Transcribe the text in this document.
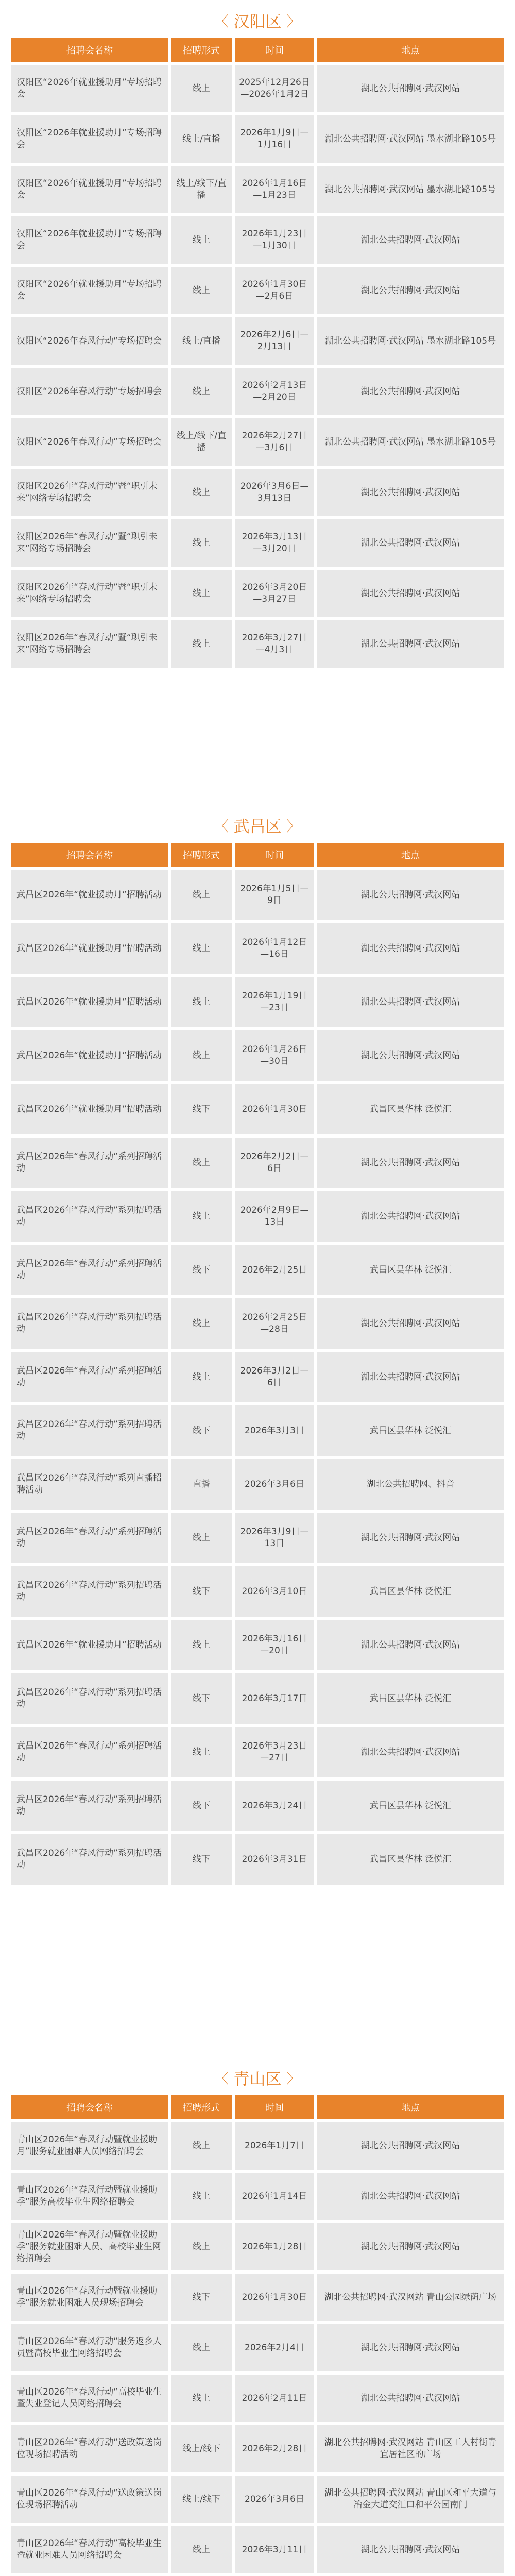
〈 汉阳区 〉
招聘会名称	招聘形式	时间	地点
汉阳区“2026年就业援助月”专场招聘会	线上	2025年12月26日—2026年1月2日	湖北公共招聘网·武汉网站
汉阳区“2026年就业援助月”专场招聘会	线上/直播	2026年1月9日—1月16日	湖北公共招聘网·武汉网站 墨水湖北路105号
汉阳区“2026年就业援助月”专场招聘会	线上/线下/直播	2026年1月16日—1月23日	湖北公共招聘网·武汉网站 墨水湖北路105号
汉阳区“2026年就业援助月”专场招聘会	线上	2026年1月23日—1月30日	湖北公共招聘网·武汉网站
汉阳区“2026年就业援助月”专场招聘会	线上	2026年1月30日—2月6日	湖北公共招聘网·武汉网站
汉阳区“2026年春风行动”专场招聘会	线上/直播	2026年2月6日—2月13日	湖北公共招聘网·武汉网站 墨水湖北路105号
汉阳区“2026年春风行动”专场招聘会	线上	2026年2月13日—2月20日	湖北公共招聘网·武汉网站
汉阳区“2026年春风行动”专场招聘会	线上/线下/直播	2026年2月27日—3月6日	湖北公共招聘网·武汉网站 墨水湖北路105号
汉阳区2026年“春风行动”暨“职引未来”网络专场招聘会	线上	2026年3月6日—3月13日	湖北公共招聘网·武汉网站
汉阳区2026年“春风行动”暨“职引未来”网络专场招聘会	线上	2026年3月13日—3月20日	湖北公共招聘网·武汉网站
汉阳区2026年“春风行动”暨“职引未来”网络专场招聘会	线上	2026年3月20日—3月27日	湖北公共招聘网·武汉网站
汉阳区2026年“春风行动”暨“职引未来”网络专场招聘会	线上	2026年3月27日—4月3日	湖北公共招聘网·武汉网站
〈 武昌区 〉
招聘会名称	招聘形式	时间	地点
武昌区2026年“就业援助月”招聘活动	线上	2026年1月5日—9日	湖北公共招聘网·武汉网站
武昌区2026年“就业援助月”招聘活动	线上	2026年1月12日—16日	湖北公共招聘网·武汉网站
武昌区2026年“就业援助月”招聘活动	线上	2026年1月19日—23日	湖北公共招聘网·武汉网站
武昌区2026年“就业援助月”招聘活动	线上	2026年1月26日—30日	湖北公共招聘网·武汉网站
武昌区2026年“就业援助月”招聘活动	线下	2026年1月30日	武昌区昙华林 泛悦汇
武昌区2026年“春风行动”系列招聘活动	线上	2026年2月2日—6日	湖北公共招聘网·武汉网站
武昌区2026年“春风行动”系列招聘活动	线上	2026年2月9日—13日	湖北公共招聘网·武汉网站
武昌区2026年“春风行动”系列招聘活动	线下	2026年2月25日	武昌区昙华林 泛悦汇
武昌区2026年“春风行动”系列招聘活动	线上	2026年2月25日—28日	湖北公共招聘网·武汉网站
武昌区2026年“春风行动”系列招聘活动	线上	2026年3月2日—6日	湖北公共招聘网·武汉网站
武昌区2026年“春风行动”系列招聘活动	线下	2026年3月3日	武昌区昙华林 泛悦汇
武昌区2026年“春风行动”系列直播招聘活动	直播	2026年3月6日	湖北公共招聘网、抖音
武昌区2026年“春风行动”系列招聘活动	线上	2026年3月9日—13日	湖北公共招聘网·武汉网站
武昌区2026年“春风行动”系列招聘活动	线下	2026年3月10日	武昌区昙华林 泛悦汇
武昌区2026年“就业援助月”招聘活动	线上	2026年3月16日—20日	湖北公共招聘网·武汉网站
武昌区2026年“春风行动”系列招聘活动	线下	2026年3月17日	武昌区昙华林 泛悦汇
武昌区2026年“春风行动”系列招聘活动	线上	2026年3月23日—27日	湖北公共招聘网·武汉网站
武昌区2026年“春风行动”系列招聘活动	线下	2026年3月24日	武昌区昙华林 泛悦汇
武昌区2026年“春风行动”系列招聘活动	线下	2026年3月31日	武昌区昙华林 泛悦汇
〈 青山区 〉
招聘会名称	招聘形式	时间	地点
青山区2026年“春风行动暨就业援助月”服务就业困难人员网络招聘会	线上	2026年1月7日	湖北公共招聘网·武汉网站
青山区2026年“春风行动暨就业援助季”服务高校毕业生网络招聘会	线上	2026年1月14日	湖北公共招聘网·武汉网站
青山区2026年“春风行动暨就业援助季”服务就业困难人员、高校毕业生网络招聘会	线上	2026年1月28日	湖北公共招聘网·武汉网站
青山区2026年“春风行动暨就业援助季”服务就业困难人员现场招聘会	线下	2026年1月30日	湖北公共招聘网·武汉网站 青山公园绿荫广场
青山区2026年“春风行动”服务返乡人员暨高校毕业生网络招聘会	线上	2026年2月4日	湖北公共招聘网·武汉网站
青山区2026年“春风行动”高校毕业生暨失业登记人员网络招聘会	线上	2026年2月11日	湖北公共招聘网·武汉网站
青山区2026年“春风行动”送政策送岗位现场招聘活动	线上/线下	2026年2月28日	湖北公共招聘网·武汉网站 青山区工人村街青宜居社区的广场
青山区2026年“春风行动”送政策送岗位现场招聘活动	线上/线下	2026年3月6日	湖北公共招聘网·武汉网站 青山区和平大道与冶金大道交汇口和平公园南门
青山区2026年“春风行动”高校毕业生暨就业困难人员网络招聘会	线上	2026年3月11日	湖北公共招聘网·武汉网站
